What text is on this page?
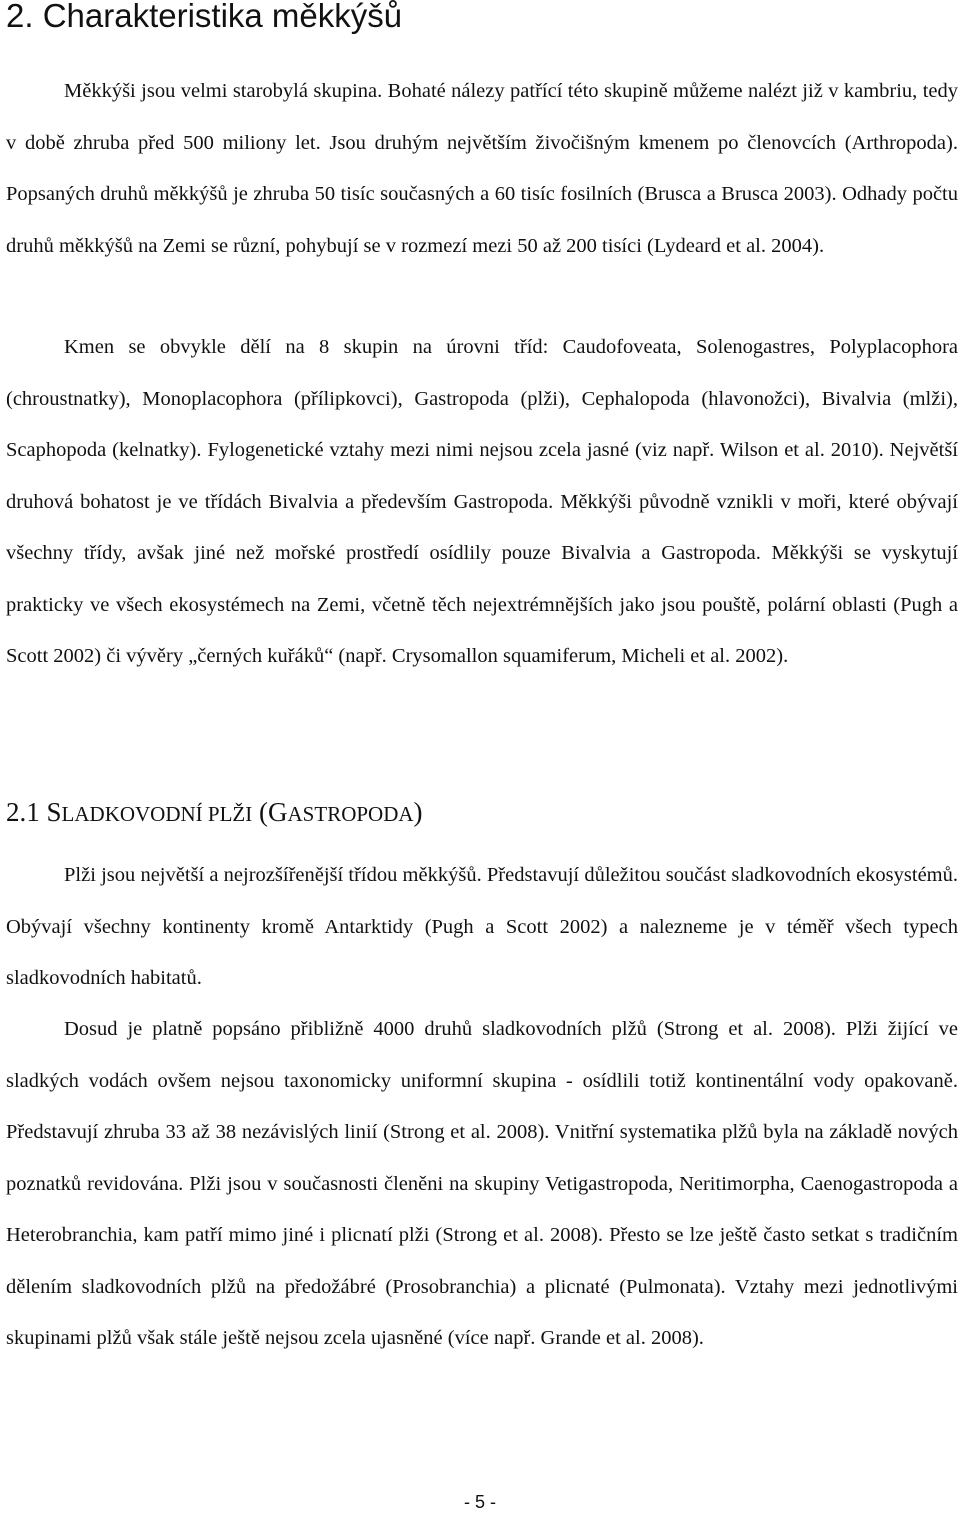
2. Charakteristika měkkýšů

Měkkýši jsou velmi starobylá skupina. Bohaté nálezy patřící této skupině můžeme nalézt již v kambriu, tedy v době zhruba před 500 miliony let. Jsou druhým největším živočišným kmenem po členovcích (Arthropoda). Popsaných druhů měkkýšů je zhruba 50 tisíc současných a 60 tisíc fosilních (Brusca a Brusca 2003). Odhady počtu druhů měkkýšů na Zemi se různí, pohybují se v rozmezí mezi 50 až 200 tisíci (Lydeard et al. 2004).

Kmen se obvykle dělí na 8 skupin na úrovni tříd: Caudofoveata, Solenogastres, Polyplacophora (chroustnatky), Monoplacophora (přílipkovci), Gastropoda (plži), Cephalopoda (hlavonožci), Bivalvia (mlži), Scaphopoda (kelnatky). Fylogenetické vztahy mezi nimi nejsou zcela jasné (viz např. Wilson et al. 2010). Největší druhová bohatost je ve třídách Bivalvia a především Gastropoda. Měkkýši původně vznikli v moři, které obývají všechny třídy, avšak jiné než mořské prostředí osídlily pouze Bivalvia a Gastropoda. Měkkýši se vyskytují prakticky ve všech ekosystémech na Zemi, včetně těch nejextrémnějších jako jsou pouště, polární oblasti (Pugh a Scott 2002) či vývěry „černých kuřáků“ (např. Crysomallon squamiferum, Micheli et al. 2002).

2.1 SLADKOVODNÍ PLŽI (GASTROPODA)

Plži jsou největší a nejrozšířenější třídou měkkýšů. Představují důležitou součást sladkovodních ekosystémů. Obývají všechny kontinenty kromě Antarktidy (Pugh a Scott 2002) a nalezneme je v téměř všech typech sladkovodních habitatů.

Dosud je platně popsáno přibližně 4000 druhů sladkovodních plžů (Strong et al. 2008). Plži žijící ve sladkých vodách ovšem nejsou taxonomicky uniformní skupina - osídlili totiž kontinentální vody opakovaně. Představují zhruba 33 až 38 nezávislých linií (Strong et al. 2008). Vnitřní systematika plžů byla na základě nových poznatků revidována. Plži jsou v současnosti členěni na skupiny Vetigastropoda, Neritimorpha, Caenogastropoda a Heterobranchia, kam patří mimo jiné i plicnatí plži (Strong et al. 2008). Přesto se lze ještě často setkat s tradičním dělením sladkovodních plžů na předožábré (Prosobranchia) a plicnaté (Pulmonata). Vztahy mezi jednotlivými skupinami plžů však stále ještě nejsou zcela ujasněné (více např. Grande et al. 2008).

- 5 -
